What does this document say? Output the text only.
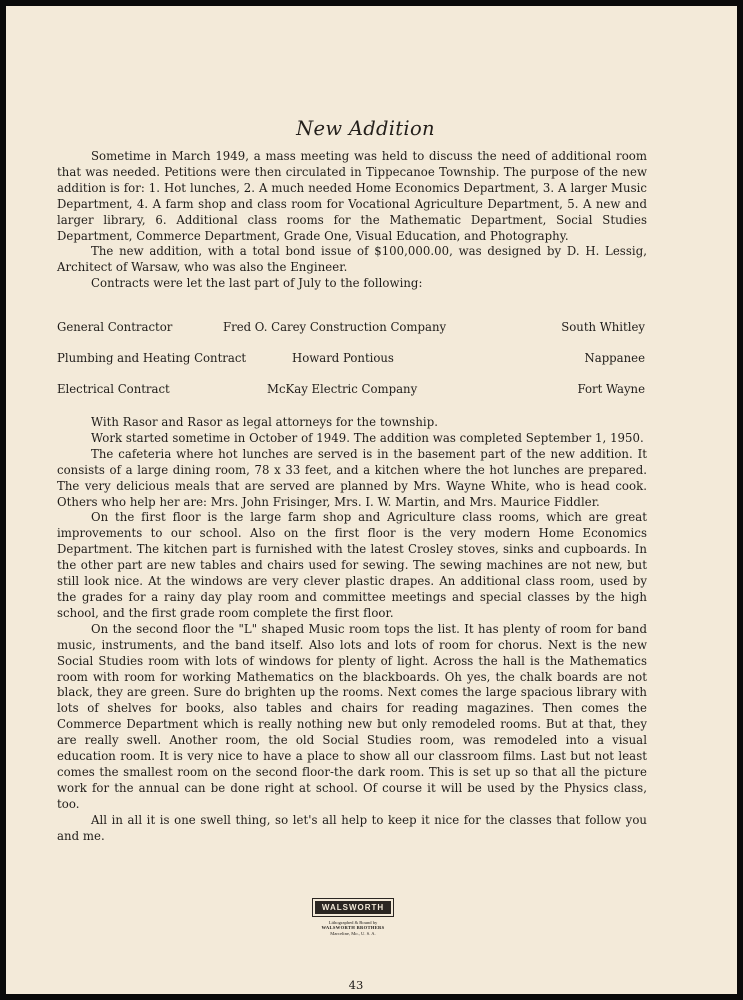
New Addition

Sometime in March 1949, a mass meeting was held to discuss the need of additional room that was needed. Petitions were then circulated in Tippecanoe Township. The purpose of the new addition is for: 1. Hot lunches, 2. A much needed Home Economics Department, 3. A larger Music Department, 4. A farm shop and class room for Vocational Agriculture Department, 5. A new and larger library, 6. Additional class rooms for the Mathematic Department, Social Studies Department, Commerce Department, Grade One, Visual Education, and Photography.

The new addition, with a total bond issue of $100,000.00, was designed by D. H. Lessig, Architect of Warsaw, who was also the Engineer.

Contracts were let the last part of July to the following:

General Contractor	Fred O. Carey Construction Company	South Whitley
Plumbing and Heating Contract	Howard Pontious	Nappanee
Electrical Contract	McKay Electric Company	Fort Wayne

With Rasor and Rasor as legal attorneys for the township.

Work started sometime in October of 1949. The addition was completed September 1, 1950.

The cafeteria where hot lunches are served is in the basement part of the new addition. It consists of a large dining room, 78 x 33 feet, and a kitchen where the hot lunches are prepared. The very delicious meals that are served are planned by Mrs. Wayne White, who is head cook. Others who help her are: Mrs. John Frisinger, Mrs. I. W. Martin, and Mrs. Maurice Fiddler.

On the first floor is the large farm shop and Agriculture class rooms, which are great improvements to our school. Also on the first floor is the very modern Home Economics Department. The kitchen part is furnished with the latest Crosley stoves, sinks and cupboards. In the other part are new tables and chairs used for sewing. The sewing machines are not new, but still look nice. At the windows are very clever plastic drapes. An additional class room, used by the grades for a rainy day play room and committee meetings and special classes by the high school, and the first grade room complete the first floor.

On the second floor the "L" shaped Music room tops the list. It has plenty of room for band music, instruments, and the band itself. Also lots and lots of room for chorus. Next is the new Social Studies room with lots of windows for plenty of light. Across the hall is the Mathematics room with room for working Mathematics on the blackboards. Oh yes, the chalk boards are not black, they are green. Sure do brighten up the rooms. Next comes the large spacious library with lots of shelves for books, also tables and chairs for reading magazines. Then comes the Commerce Department which is really nothing new but only remodeled rooms. But at that, they are really swell. Another room, the old Social Studies room, was remodeled into a visual education room. It is very nice to have a place to show all our classroom films. Last but not least comes the smallest room on the second floor-the dark room. This is set up so that all the picture work for the annual can be done right at school. Of course it will be used by the Physics class, too.

All in all it is one swell thing, so let's all help to keep it nice for the classes that follow you and me.

WALSWORTH
Lithographed & Bound by
WALSWORTH BROTHERS
Marceline, Mo., U. S. A.
43
